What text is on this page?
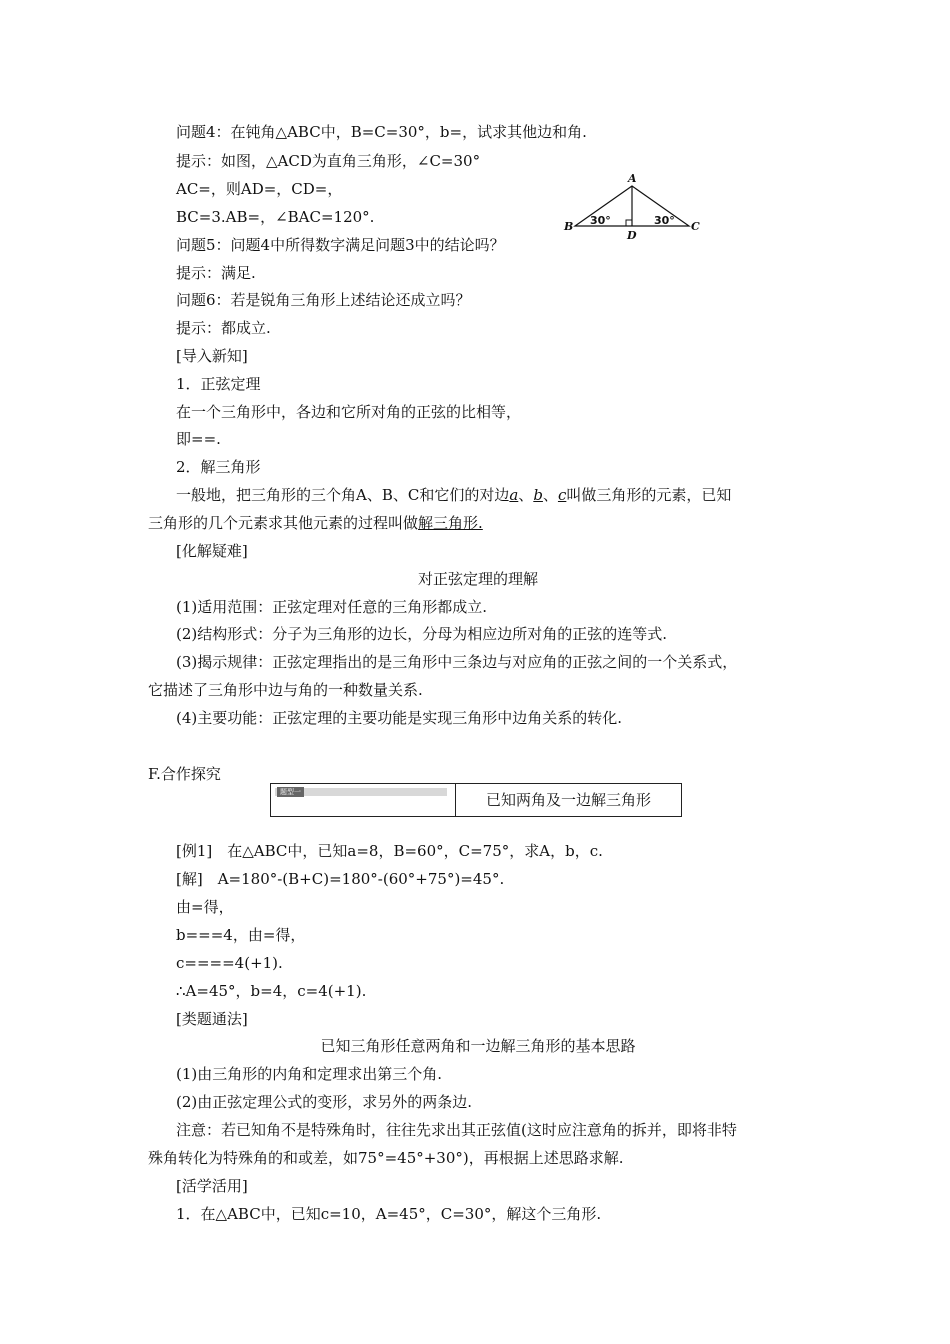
问题4：在钝角△ABC中，B=C=30°，b=，试求其他边和角.
提示：如图，△ACD为直角三角形，∠C=30°
AC=，则AD=，CD=，
BC=3.AB=，∠BAC=120°.
A
B	C
D
30°	30°
问题5：问题4中所得数字满足问题3中的结论吗？
提示：满足.
问题6：若是锐角三角形上述结论还成立吗？
提示：都成立.
[导入新知]
1．正弦定理
在一个三角形中，各边和它所对角的正弦的比相等，
即==.
2．解三角形
一般地，把三角形的三个角A、B、C和它们的对边a、b、c叫做三角形的元素，已知
三角形的几个元素求其他元素的过程叫做解三角形.
[化解疑难]
对正弦定理的理解
(1)适用范围：正弦定理对任意的三角形都成立.
(2)结构形式：分子为三角形的边长，分母为相应边所对角的正弦的连等式.
(3)揭示规律：正弦定理指出的是三角形中三条边与对应角的正弦之间的一个关系式，
它描述了三角形中边与角的一种数量关系.
(4)主要功能：正弦定理的主要功能是实现三角形中边角关系的转化.
F.合作探究
题型一	已知两角及一边解三角形
[例1]　在△ABC中，已知a=8，B=60°，C=75°，求A，b，c.
[解]　A=180°-(B+C)=180°-(60°+75°)=45°.
由=得，
b===4，由=得，
c====4(+1).
∴A=45°，b=4，c=4(+1).
[类题通法]
已知三角形任意两角和一边解三角形的基本思路
(1)由三角形的内角和定理求出第三个角.
(2)由正弦定理公式的变形，求另外的两条边.
注意：若已知角不是特殊角时，往往先求出其正弦值(这时应注意角的拆并，即将非特
殊角转化为特殊角的和或差，如75°=45°+30°)，再根据上述思路求解.
[活学活用]
1．在△ABC中，已知c=10，A=45°，C=30°，解这个三角形.
